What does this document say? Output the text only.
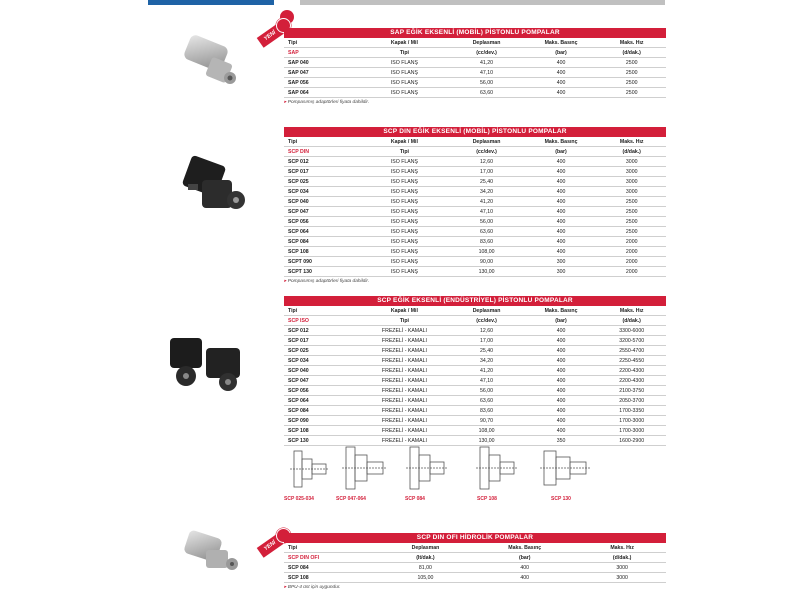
YENİ	SAP EĞİK EKSENLİ (MOBİL) PİSTONLU POMPALAR
Tipi	Kapak / Mil	Deplasman	Maks. Basınç	Maks. Hız
SAP	Tipi	(cc/dev.)	(bar)	(d/dak.)
SAP 040	ISO FLANŞ	41,20	400	2500
SAP 047	ISO FLANŞ	47,10	400	2500
SAP 056	ISO FLANŞ	56,00	400	2500
SAP 064	ISO FLANŞ	63,60	400	2500
▸ Pompasımış adaptörleri fiyata dahildir.
SCP DIN EĞİK EKSENLİ (MOBİL) PİSTONLU POMPALAR
Tipi	Kapak / Mil	Deplasman	Maks. Basınç	Maks. Hız
SCP DIN	Tipi	(cc/dev.)	(bar)	(d/dak.)
SCP 012	ISO FLANŞ	12,60	400	3000
SCP 017	ISO FLANŞ	17,00	400	3000
SCP 025	ISO FLANŞ	25,40	400	3000
SCP 034	ISO FLANŞ	34,20	400	3000
SCP 040	ISO FLANŞ	41,20	400	2500
SCP 047	ISO FLANŞ	47,10	400	2500
SCP 056	ISO FLANŞ	56,00	400	2500
SCP 064	ISO FLANŞ	63,60	400	2500
SCP 084	ISO FLANŞ	83,60	400	2000
SCP 108	ISO FLANŞ	108,00	400	2000
SCPT 090	ISO FLANŞ	90,00	300	2000
SCPT 130	ISO FLANŞ	130,00	300	2000
▸ Pompasımış adaptörleri fiyata dahildir.
SCP EĞİK EKSENLİ (ENDÜSTRİYEL) PİSTONLU POMPALAR
Tipi	Kapak / Mil	Deplasman	Maks. Basınç	Maks. Hız
SCP ISO	Tipi	(cc/dev.)	(bar)	(d/dak.)
SCP 012	FREZELİ - KAMALI	12,60	400	3300-6000
SCP 017	FREZELİ - KAMALI	17,00	400	3200-5700
SCP 025	FREZELİ - KAMALI	25,40	400	2550-4700
SCP 034	FREZELİ - KAMALI	34,20	400	2250-4550
SCP 040	FREZELİ - KAMALI	41,20	400	2200-4300
SCP 047	FREZELİ - KAMALI	47,10	400	2200-4300
SCP 056	FREZELİ - KAMALI	56,00	400	2100-3750
SCP 064	FREZELİ - KAMALI	63,60	400	2050-3700
SCP 084	FREZELİ - KAMALI	83,60	400	1700-3350
SCP 090	FREZELİ - KAMALI	90,70	400	1700-3000
SCP 108	FREZELİ - KAMALI	108,00	400	1700-3000
SCP 130	FREZELİ - KAMALI	130,00	350	1600-2900
YENİ
SCP DIN OFI HİDROLİK POMPALAR
Tipi	Deplasman	Maks. Basınç	Maks. Hız
SCP DIN OFI	(lt/dak.)	(bar)	(d/dak.)
SCP 084	81,00	400	3000
SCP 108	105,00	400	3000
▸ BPU-4 üst için uygundur.
SCP 025-034	SCP 047-064	SCP 084	SCP 108	SCP 130
